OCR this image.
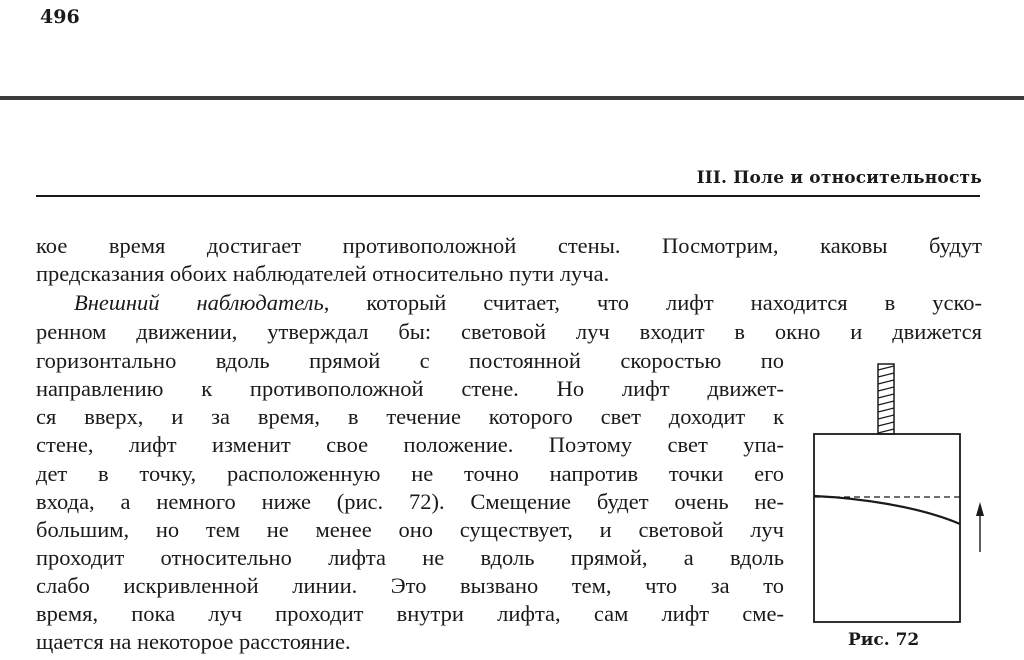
496
III. Поле и относительность
кое время достигает противоположной стены. Посмотрим, каковы будут
предсказания обоих наблюдателей относительно пути луча.
Внешний наблюдатель, который считает, что лифт находится в уско-
ренном движении, утверждал бы: световой луч входит в окно и движется
горизонтально вдоль прямой с постоянной скоростью по
направлению к противоположной стене. Но лифт движет-
ся вверх, и за время, в течение которого свет доходит к
стене, лифт изменит свое положение. Поэтому свет упа-
дет в точку, расположенную не точно напротив точки его
входа, а немного ниже (рис. 72). Смещение будет очень не-
большим, но тем не менее оно существует, и световой луч
проходит относительно лифта не вдоль прямой, а вдоль
слабо искривленной линии. Это вызвано тем, что за то
время, пока луч проходит внутри лифта, сам лифт сме-
щается на некоторое расстояние.	Рис. 72
